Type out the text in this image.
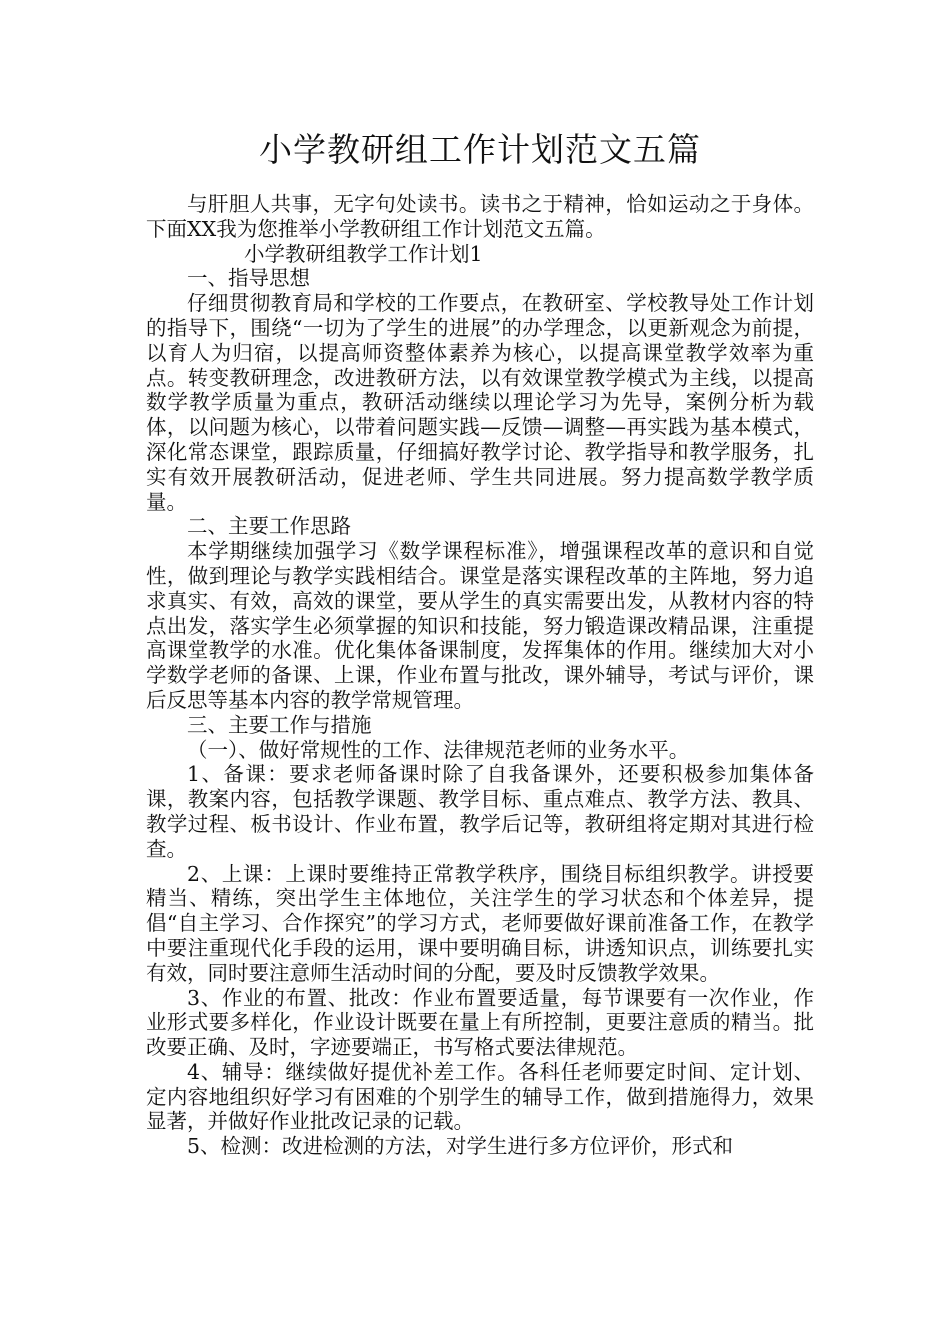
小学教研组工作计划范文五篇

与肝胆人共事，无字句处读书。读书之于精神，恰如运动之于身体。下面XX我为您推举小学教研组工作计划范文五篇。

小学教研组教学工作计划1

一、指导思想

仔细贯彻教育局和学校的工作要点，在教研室、学校教导处工作计划的指导下，围绕“一切为了学生的进展”的办学理念，以更新观念为前提，以育人为归宿，以提高师资整体素养为核心，以提高课堂教学效率为重点。转变教研理念，改进教研方法，以有效课堂教学模式为主线，以提高数学教学质量为重点，教研活动继续以理论学习为先导，案例分析为载体，以问题为核心，以带着问题实践—反馈—调整—再实践为基本模式，深化常态课堂，跟踪质量，仔细搞好教学讨论、教学指导和教学服务，扎实有效开展教研活动，促进老师、学生共同进展。努力提高数学教学质量。

二、主要工作思路

本学期继续加强学习《数学课程标准》，增强课程改革的意识和自觉性，做到理论与教学实践相结合。课堂是落实课程改革的主阵地，努力追求真实、有效，高效的课堂，要从学生的真实需要出发，从教材内容的特点出发，落实学生必须掌握的知识和技能，努力锻造课改精品课，注重提高课堂教学的水准。优化集体备课制度，发挥集体的作用。继续加大对小学数学老师的备课、上课，作业布置与批改，课外辅导，考试与评价，课后反思等基本内容的教学常规管理。

三、主要工作与措施

（一）、做好常规性的工作、法律规范老师的业务水平。

1、备课：要求老师备课时除了自我备课外，还要积极参加集体备课，教案内容，包括教学课题、教学目标、重点难点、教学方法、教具、教学过程、板书设计、作业布置，教学后记等，教研组将定期对其进行检查。

2、上课：上课时要维持正常教学秩序，围绕目标组织教学。讲授要精当、精练，突出学生主体地位，关注学生的学习状态和个体差异，提倡“自主学习、合作探究”的学习方式，老师要做好课前准备工作，在教学中要注重现代化手段的运用，课中要明确目标，讲透知识点，训练要扎实有效，同时要注意师生活动时间的分配，要及时反馈教学效果。

3、作业的布置、批改：作业布置要适量，每节课要有一次作业，作业形式要多样化，作业设计既要在量上有所控制，更要注意质的精当。批改要正确、及时，字迹要端正，书写格式要法律规范。

4、辅导：继续做好提优补差工作。各科任老师要定时间、定计划、定内容地组织好学习有困难的个别学生的辅导工作，做到措施得力，效果显著，并做好作业批改记录的记载。

5、检测：改进检测的方法，对学生进行多方位评价，形式和
